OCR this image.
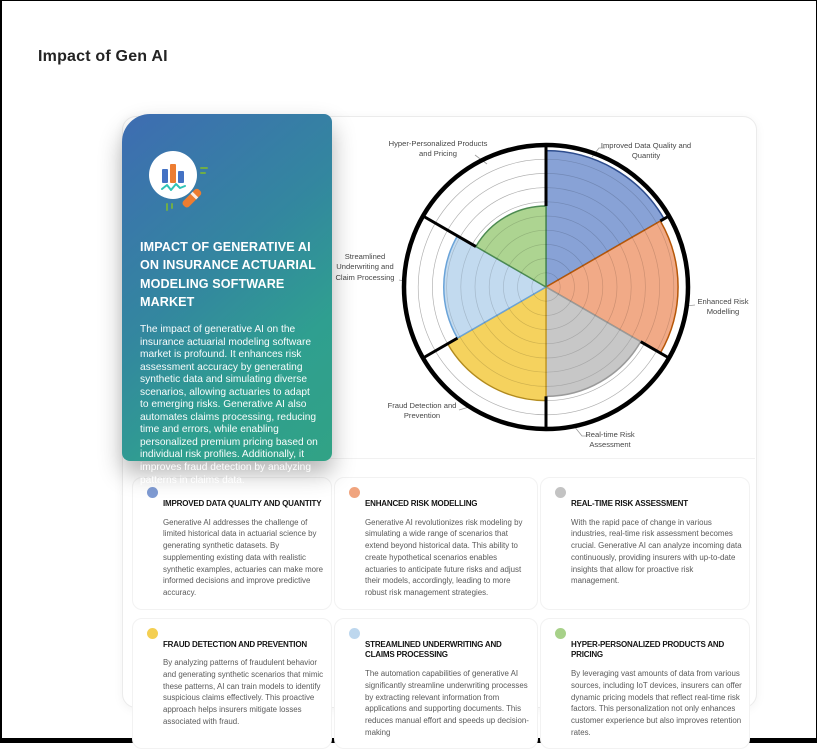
Impact of Gen AI
IMPACT OF GENERATIVE AI ON INSURANCE ACTUARIAL MODELING SOFTWARE MARKET

The impact of generative AI on the insurance actuarial modeling software market is profound. It enhances risk assessment accuracy by generating synthetic data and simulating diverse scenarios, allowing actuaries to adapt to emerging risks. Generative AI also automates claims processing, reducing time and errors, while enabling personalized premium pricing based on individual risk profiles. Additionally, it improves fraud detection by analyzing patterns in claims data.

Improved Data Quality and Quantity
Enhanced Risk Modelling
Real-time Risk Assessment
Fraud Detection and Prevention
Streamlined Underwriting and Claim Processing
Hyper-Personalized Products and Pricing
IMPROVED DATA QUALITY AND QUANTITY

Generative AI addresses the challenge of limited historical data in actuarial science by generating synthetic datasets. By supplementing existing data with realistic synthetic examples, actuaries can make more informed decisions and improve predictive accuracy.

ENHANCED RISK MODELLING

Generative AI revolutionizes risk modeling by simulating a wide range of scenarios that extend beyond historical data. This ability to create hypothetical scenarios enables actuaries to anticipate future risks and adjust their models, accordingly, leading to more robust risk management strategies.

REAL-TIME RISK ASSESSMENT

With the rapid pace of change in various industries, real-time risk assessment becomes crucial. Generative AI can analyze incoming data continuously, providing insurers with up-to-date insights that allow for proactive risk management.

FRAUD DETECTION AND PREVENTION

By analyzing patterns of fraudulent behavior and generating synthetic scenarios that mimic these patterns, AI can train models to identify suspicious claims effectively. This proactive approach helps insurers mitigate losses associated with fraud.

STREAMLINED UNDERWRITING AND CLAIMS PROCESSING

The automation capabilities of generative AI significantly streamline underwriting processes by extracting relevant information from applications and supporting documents. This reduces manual effort and speeds up decision-making

HYPER-PERSONALIZED PRODUCTS AND PRICING

By leveraging vast amounts of data from various sources, including IoT devices, insurers can offer dynamic pricing models that reflect real-time risk factors. This personalization not only enhances customer experience but also improves retention rates.
